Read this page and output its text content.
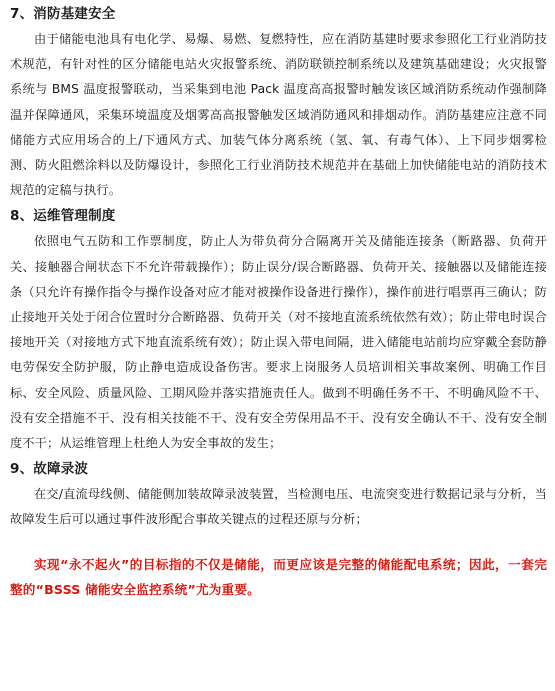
7、消防基建安全

由于储能电池具有电化学、易爆、易燃、复燃特性，应在消防基建时要求参照化工行业消防技术规范，有针对性的区分储能电站火灾报警系统、消防联锁控制系统以及建筑基础建设；火灾报警系统与 BMS 温度报警联动，当采集到电池 Pack 温度高高报警时触发该区域消防系统动作强制降温并保障通风，采集环境温度及烟雾高高报警触发区域消防通风和排烟动作。消防基建应注意不同储能方式应用场合的上/下通风方式、加装气体分离系统（氢、氧、有毒气体）、上下同步烟雾检测、防火阻燃涂料以及防爆设计，参照化工行业消防技术规范并在基础上加快储能电站的消防技术规范的定稿与执行。

8、运维管理制度

依照电气五防和工作票制度，防止人为带负荷分合隔离开关及储能连接条（断路器、负荷开关、接触器合闸状态下不允许带载操作）；防止误分/误合断路器、负荷开关、接触器以及储能连接条（只允许有操作指令与操作设备对应才能对被操作设备进行操作），操作前进行唱票再三确认；防止接地开关处于闭合位置时分合断路器、负荷开关（对不接地直流系统依然有效）；防止带电时误合接地开关（对接地方式下地直流系统有效）；防止误入带电间隔，进入储能电站前均应穿戴全套防静电劳保安全防护服，防止静电造成设备伤害。要求上岗服务人员培训相关事故案例、明确工作目标、安全风险、质量风险、工期风险并落实措施责任人。做到不明确任务不干、不明确风险不干、没有安全措施不干、没有相关技能不干、没有安全劳保用品不干、没有安全确认不干、没有安全制度不干；从运维管理上杜绝人为安全事故的发生；

9、故障录波

在交/直流母线侧、储能侧加装故障录波装置，当检测电压、电流突变进行数据记录与分析，当故障发生后可以通过事件波形配合事故关键点的过程还原与分析；

实现“永不起火”的目标指的不仅是储能，而更应该是完整的储能配电系统；因此，一套完整的“BSSS 储能安全监控系统”尤为重要。
